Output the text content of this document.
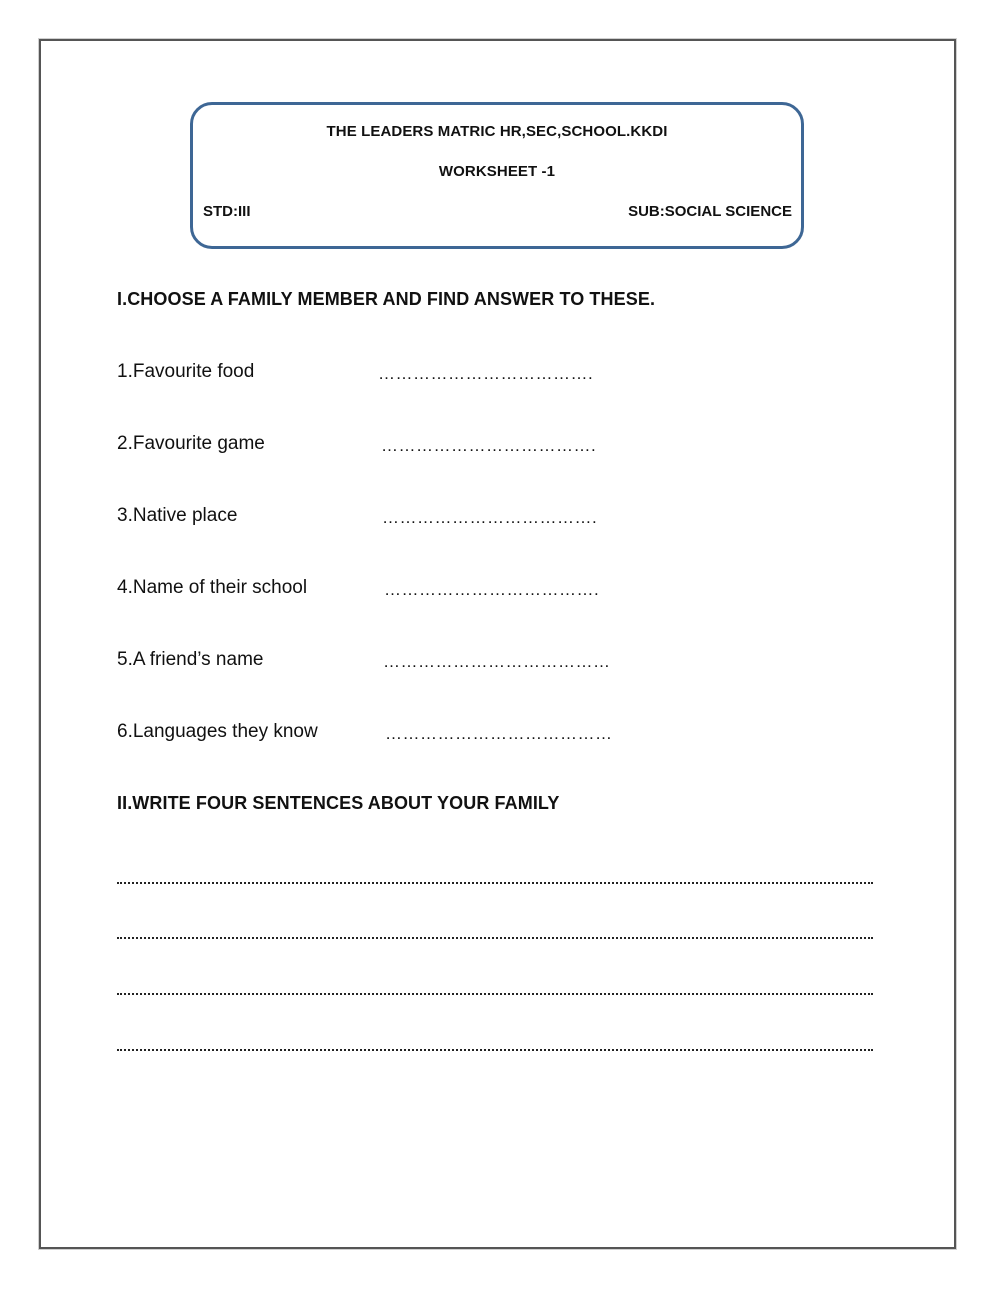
THE LEADERS MATRIC HR,SEC,SCHOOL.KKDI
WORKSHEET -1
STD:III	SUB:SOCIAL SCIENCE
I.CHOOSE A FAMILY MEMBER AND FIND ANSWER TO THESE.
1.Favourite food	……………………………….
2.Favourite game	……………………………….
3.Native place	……………………………….
4.Name of their school	……………………………….
5.A friend’s name	…………………………………
6.Languages they know	…………………………………
II.WRITE FOUR SENTENCES ABOUT YOUR FAMILY
